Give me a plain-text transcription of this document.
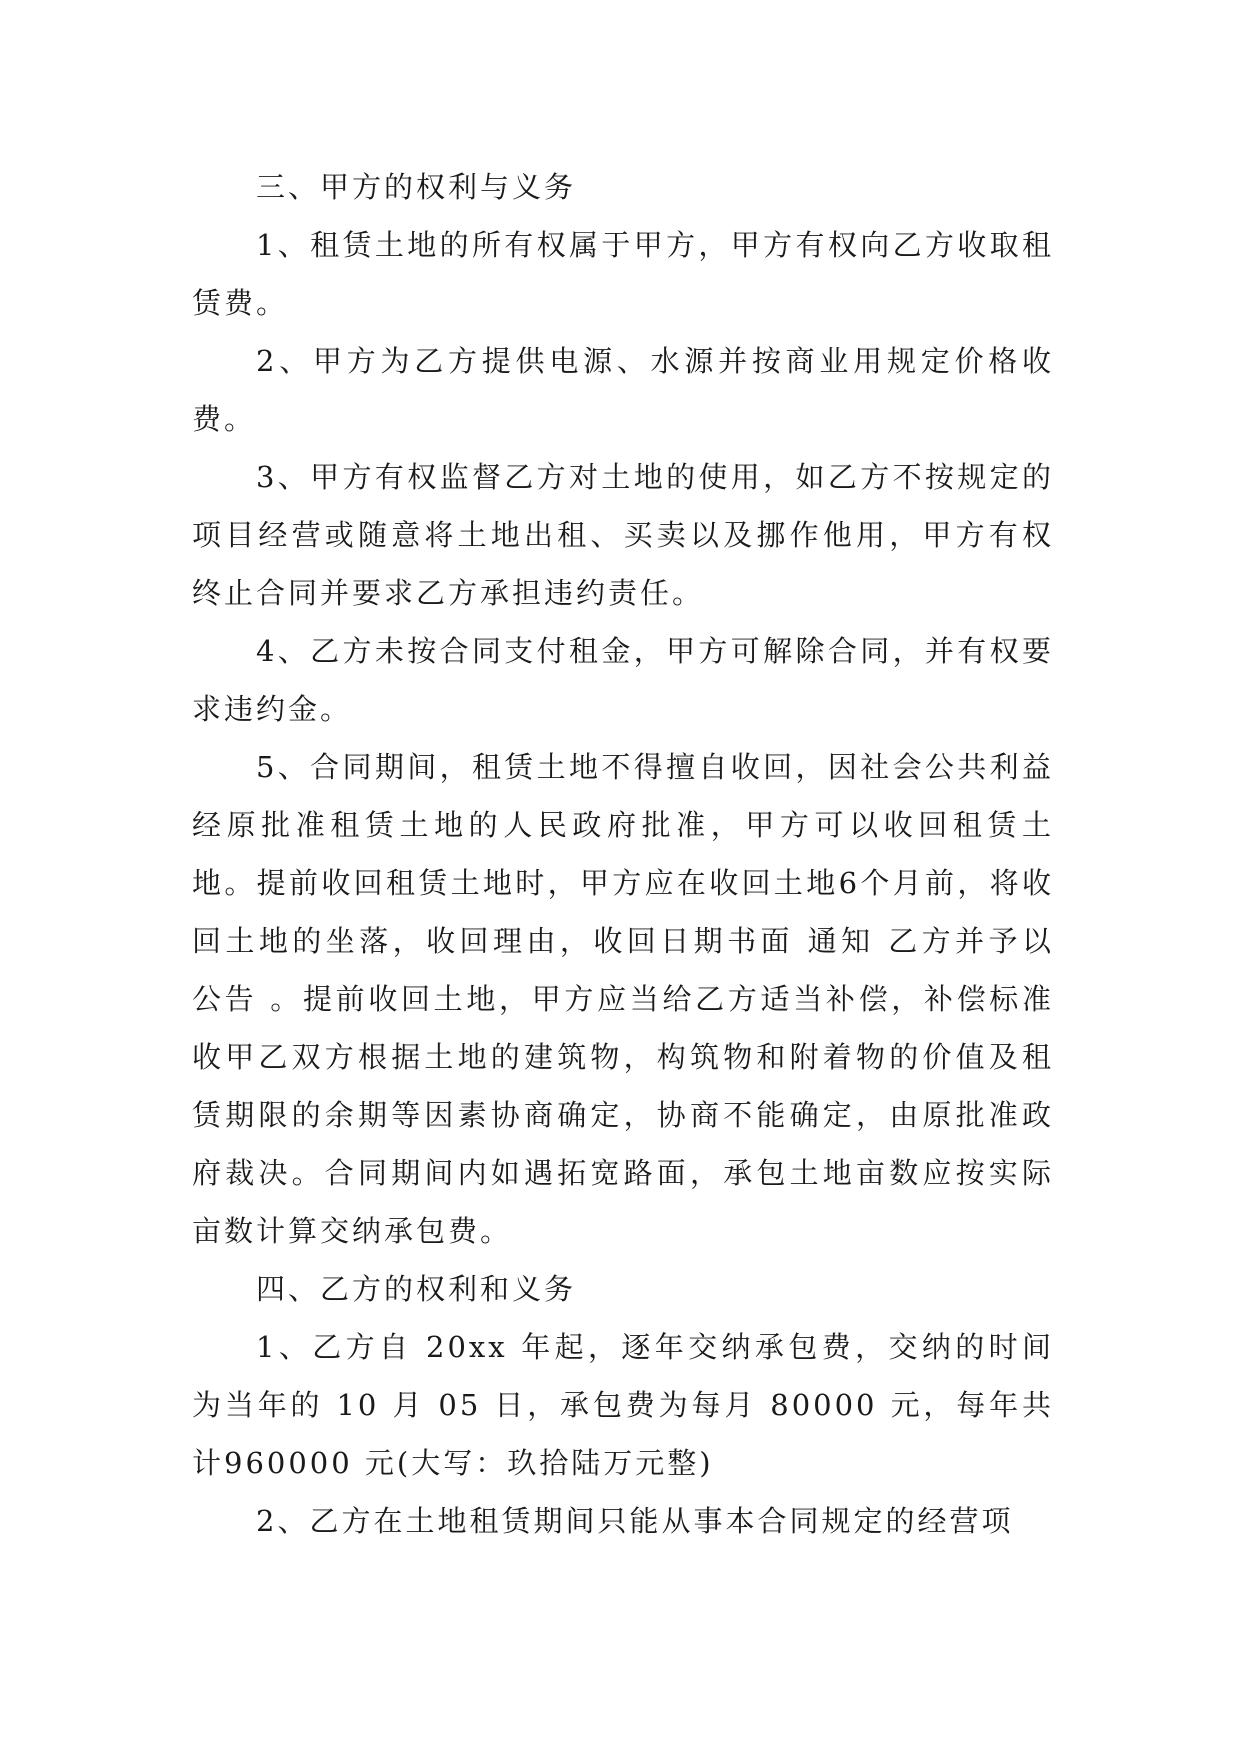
三、甲方的权利与义务

1、租赁土地的所有权属于甲方，甲方有权向乙方收取租赁费。

2、甲方为乙方提供电源、水源并按商业用规定价格收费。

3、甲方有权监督乙方对土地的使用，如乙方不按规定的项目经营或随意将土地出租、买卖以及挪作他用，甲方有权终止合同并要求乙方承担违约责任。

4、乙方未按合同支付租金，甲方可解除合同，并有权要求违约金。

5、合同期间，租赁土地不得擅自收回，因社会公共利益经原批准租赁土地的人民政府批准，甲方可以收回租赁土地。提前收回租赁土地时，甲方应在收回土地6个月前，将收回土地的坐落，收回理由，收回日期书面 通知 乙方并予以 公告 。提前收回土地，甲方应当给乙方适当补偿，补偿标准收甲乙双方根据土地的建筑物，构筑物和附着物的价值及租赁期限的余期等因素协商确定，协商不能确定，由原批准政府裁决。合同期间内如遇拓宽路面，承包土地亩数应按实际亩数计算交纳承包费。

四、乙方的权利和义务

1、乙方自 20xx 年起，逐年交纳承包费，交纳的时间为当年的 10 月 05 日，承包费为每月 80000 元，每年共计960000 元(大写：玖拾陆万元整)

2、乙方在土地租赁期间只能从事本合同规定的经营项
